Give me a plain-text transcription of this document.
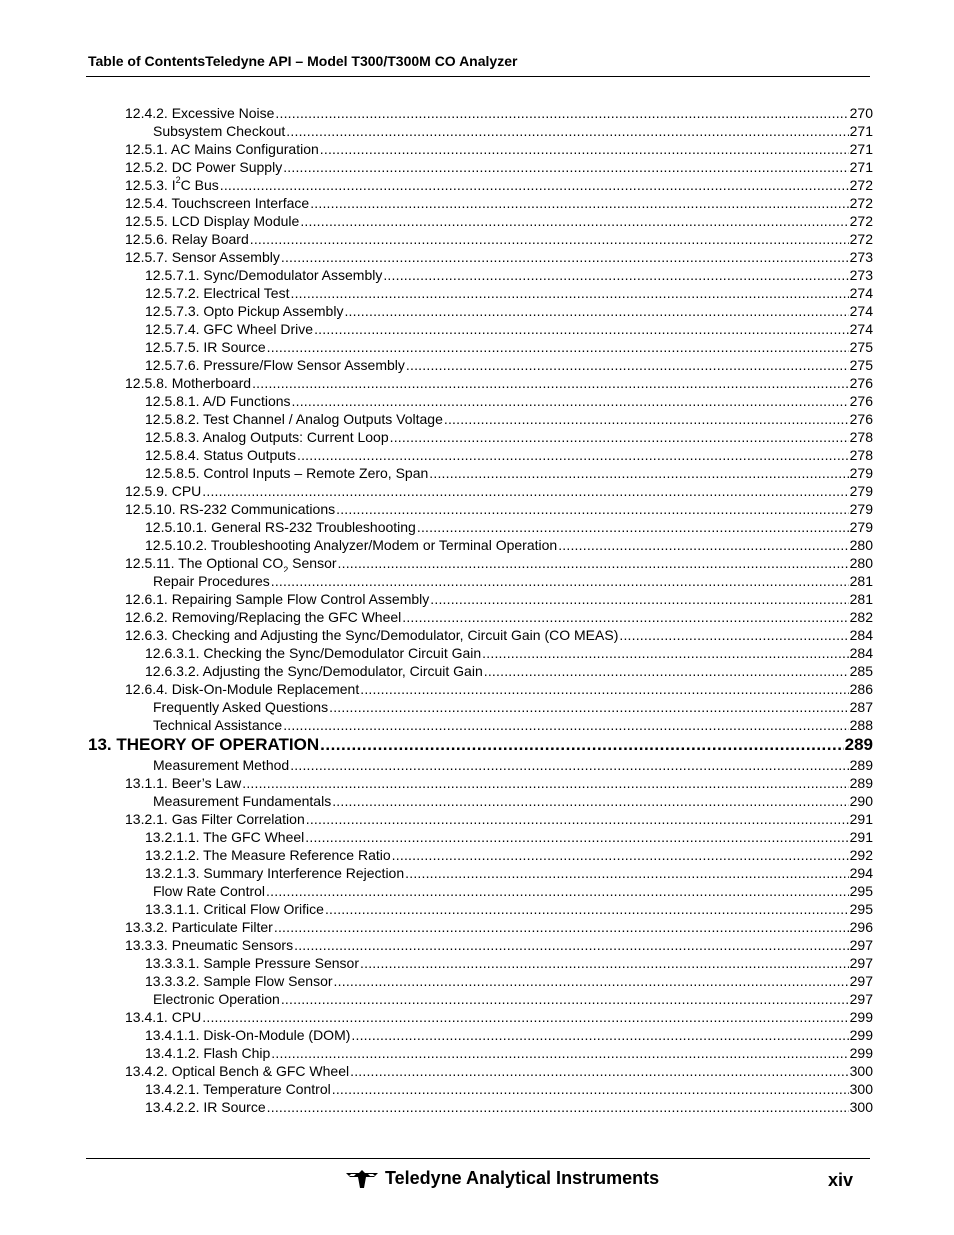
Table of ContentsTeledyne API – Model T300/T300M CO Analyzer
12.4.2. Excessive Noise .....	270
Subsystem Checkout .....	271
12.5.1. AC Mains Configuration .....	271
12.5.2. DC Power Supply .....	271
12.5.3. $I^2C$ Bus .....	272
12.5.4. Touchscreen Interface .....	272
12.5.5. LCD Display Module .....	272
12.5.6. Relay Board .....	272
12.5.7. Sensor Assembly .....	273
12.5.7.1. Sync/Demodulator Assembly .....	273
12.5.7.2. Electrical Test .....	274
12.5.7.3. Opto Pickup Assembly .....	274
12.5.7.4. GFC Wheel Drive .....	274
12.5.7.5. IR Source .....	275
12.5.7.6. Pressure/Flow Sensor Assembly .....	275
12.5.8. Motherboard .....	276
12.5.8.1. A/D Functions .....	276
12.5.8.2. Test Channel / Analog Outputs Voltage .....	276
12.5.8.3. Analog Outputs: Current Loop .....	278
12.5.8.4. Status Outputs .....	278
12.5.8.5. Control Inputs – Remote Zero, Span .....	279
12.5.9. CPU .....	279
12.5.10. RS-232 Communications .....	279
12.5.10.1. General RS-232 Troubleshooting .....	279
12.5.10.2. Troubleshooting Analyzer/Modem or Terminal Operation .....	280
12.5.11. The Optional $CO_2$ Sensor .....	280
Repair Procedures .....	281
12.6.1. Repairing Sample Flow Control Assembly .....	281
12.6.2. Removing/Replacing the GFC Wheel .....	282
12.6.3. Checking and Adjusting the Sync/Demodulator, Circuit Gain (CO MEAS) .....	284
12.6.3.1. Checking the Sync/Demodulator Circuit Gain .....	284
12.6.3.2. Adjusting the Sync/Demodulator, Circuit Gain .....	285
12.6.4. Disk-On-Module Replacement .....	286
Frequently Asked Questions .....	287
Technical Assistance .....	288
13. THEORY OF OPERATION .....	289
Measurement Method .....	289
13.1.1. Beer’s Law .....	289
Measurement Fundamentals .....	290
13.2.1. Gas Filter Correlation .....	291
13.2.1.1. The GFC Wheel .....	291
13.2.1.2. The Measure Reference Ratio .....	292
13.2.1.3. Summary Interference Rejection .....	294
Flow Rate Control .....	295
13.3.1.1. Critical Flow Orifice .....	295
13.3.2. Particulate Filter .....	296
13.3.3. Pneumatic Sensors .....	297
13.3.3.1. Sample Pressure Sensor .....	297
13.3.3.2. Sample Flow Sensor .....	297
Electronic Operation .....	297
13.4.1. CPU .....	299
13.4.1.1. Disk-On-Module (DOM) .....	299
13.4.1.2. Flash Chip .....	299
13.4.2. Optical Bench & GFC Wheel .....	300
13.4.2.1. Temperature Control .....	300
13.4.2.2. IR Source .....	300
Teledyne Analytical Instruments	xiv
